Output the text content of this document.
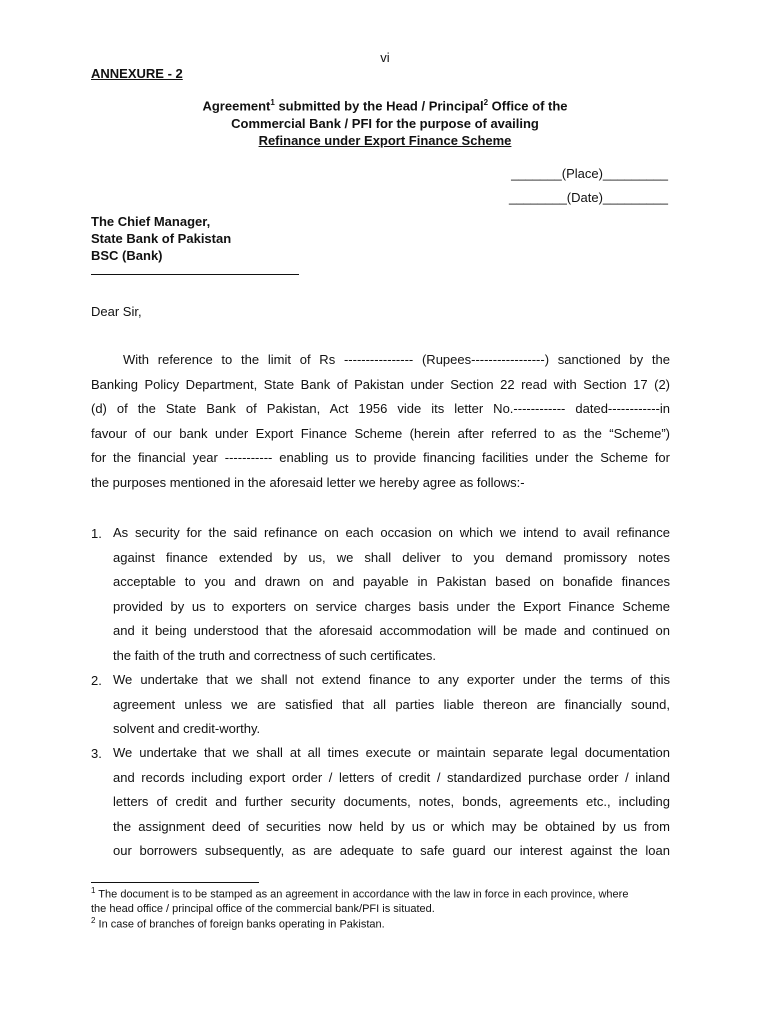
vi
ANNEXURE - 2
Agreement$^1$ submitted by the Head / Principal$^2$ Office of the
Commercial Bank / PFI for the purpose of availing
Refinance under Export Finance Scheme
_______(Place)_________
________(Date)_________
The Chief Manager,
State Bank of Pakistan
BSC (Bank)
Dear Sir,
With reference to the limit of Rs ---------------- (Rupees-----------------) sanctioned by the
Banking Policy Department, State Bank of Pakistan under Section 22 read with Section 17 (2)
(d) of the State Bank of Pakistan, Act 1956 vide its letter No.------------ dated------------in
favour of our bank under Export Finance Scheme (herein after referred to as the “Scheme”)
for the financial year ----------- enabling us to provide financing facilities under the Scheme for
the purposes mentioned in the aforesaid letter we hereby agree as follows:-
1. As security for the said refinance on each occasion on which we intend to avail refinance
against finance extended by us, we shall deliver to you demand promissory notes
acceptable to you and drawn on and payable in Pakistan based on bonafide finances
provided by us to exporters on service charges basis under the Export Finance Scheme
and it being understood that the aforesaid accommodation will be made and continued on
the faith of the truth and correctness of such certificates.
2. We undertake that we shall not extend finance to any exporter under the terms of this
agreement unless we are satisfied that all parties liable thereon are financially sound,
solvent and credit-worthy.
3. We undertake that we shall at all times execute or maintain separate legal documentation
and records including export order / letters of credit / standardized purchase order / inland
letters of credit and further security documents, notes, bonds, agreements etc., including
the assignment deed of securities now held by us or which may be obtained by us from
our borrowers subsequently, as are adequate to safe guard our interest against the loan
$^1$ The document is to be stamped as an agreement in accordance with the law in force in each province, where
the head office / principal office of the commercial bank/PFI is situated.
$^2$ In case of branches of foreign banks operating in Pakistan.
